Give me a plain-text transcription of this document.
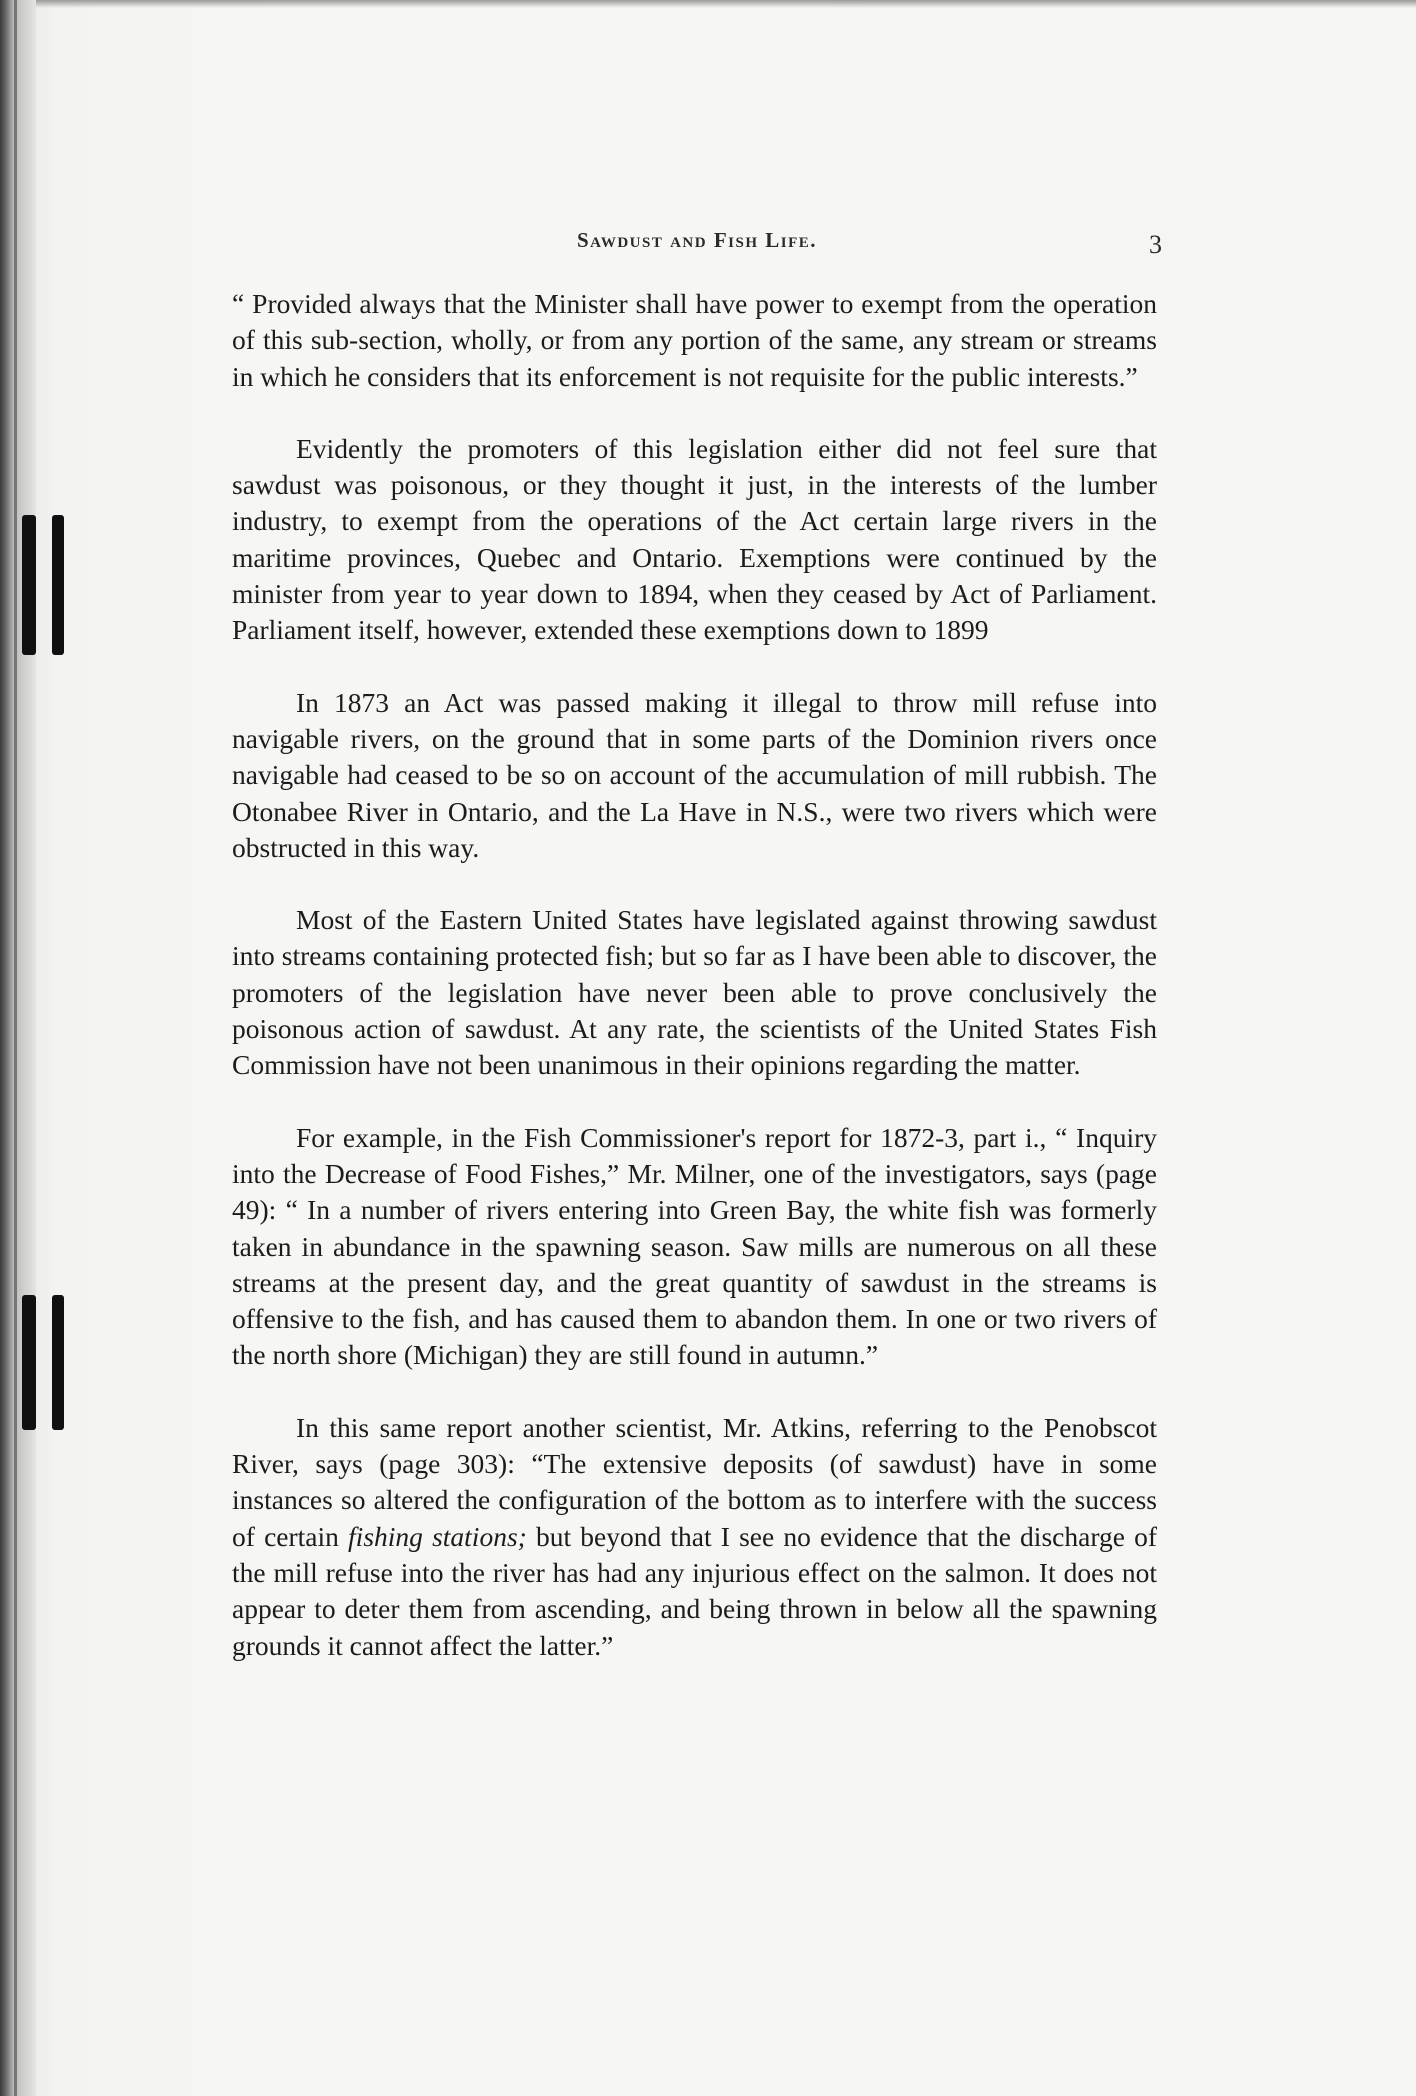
Sawdust and Fish Life.	3

“ Provided always that the Minister shall have power to exempt from the operation of this sub-section, wholly, or from any portion of the same, any stream or streams in which he considers that its enforcement is not requisite for the public interests.”

Evidently the promoters of this legislation either did not feel sure that sawdust was poisonous, or they thought it just, in the interests of the lumber industry, to exempt from the operations of the Act certain large rivers in the maritime provinces, Quebec and Ontario. Exemptions were continued by the minister from year to year down to 1894, when they ceased by Act of Parliament. Parliament itself, however, extended these exemptions down to 1899

In 1873 an Act was passed making it illegal to throw mill refuse into navigable rivers, on the ground that in some parts of the Dominion rivers once navigable had ceased to be so on account of the accumulation of mill rubbish. The Otonabee River in Ontario, and the La Have in N.S., were two rivers which were obstructed in this way.

Most of the Eastern United States have legislated against throwing sawdust into streams containing protected fish; but so far as I have been able to discover, the promoters of the legislation have never been able to prove conclusively the poisonous action of sawdust. At any rate, the scientists of the United States Fish Commission have not been unanimous in their opinions regarding the matter.

For example, in the Fish Commissioner's report for 1872-3, part i., “ Inquiry into the Decrease of Food Fishes,” Mr. Milner, one of the investigators, says (page 49): “ In a number of rivers entering into Green Bay, the white fish was formerly taken in abundance in the spawning season. Saw mills are numerous on all these streams at the present day, and the great quantity of sawdust in the streams is offensive to the fish, and has caused them to abandon them. In one or two rivers of the north shore (Michigan) they are still found in autumn.”

In this same report another scientist, Mr. Atkins, referring to the Penobscot River, says (page 303): “The extensive deposits (of sawdust) have in some instances so altered the configuration of the bottom as to interfere with the success of certain fishing stations; but beyond that I see no evidence that the discharge of the mill refuse into the river has had any injurious effect on the salmon. It does not appear to deter them from ascending, and being thrown in below all the spawning grounds it cannot affect the latter.”
